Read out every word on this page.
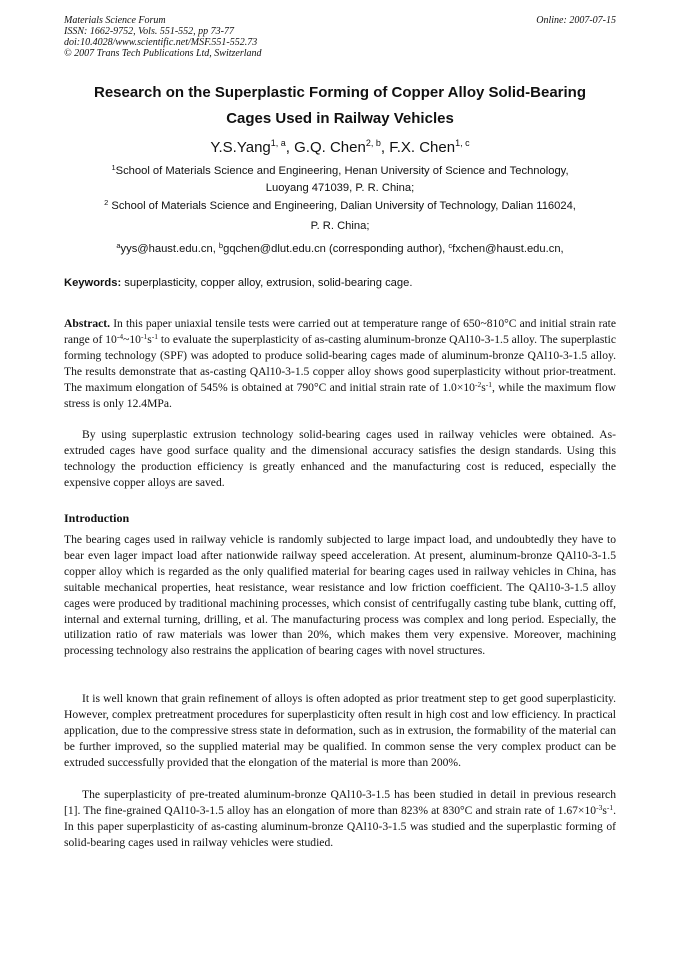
Materials Science Forum
ISSN: 1662-9752, Vols. 551-552, pp 73-77
doi:10.4028/www.scientific.net/MSF.551-552.73
© 2007 Trans Tech Publications Ltd, Switzerland
Online: 2007-07-15
Research on the Superplastic Forming of Copper Alloy Solid-Bearing
Cages Used in Railway Vehicles
Y.S.Yang$^{1, a}$, G.Q. Chen$^{2, b}$, F.X. Chen$^{1, c}$
$^1$School of Materials Science and Engineering, Henan University of Science and Technology,
Luoyang 471039, P. R. China;
$^2$ School of Materials Science and Engineering, Dalian University of Technology, Dalian 116024,
P. R. China;
$^a$yys@haust.edu.cn, $^b$gqchen@dlut.edu.cn (corresponding author), $^c$fxchen@haust.edu.cn,
Keywords: superplasticity, copper alloy, extrusion, solid-bearing cage.
Abstract. In this paper uniaxial tensile tests were carried out at temperature range of 650~810°C and initial strain rate range of $10^{-4}\sim 10^{-1}s^{-1}$ to evaluate the superplasticity of as-casting aluminum-bronze QAl10-3-1.5 alloy. The superplastic forming technology (SPF) was adopted to produce solid-bearing cages made of aluminum-bronze QAl10-3-1.5 alloy. The results demonstrate that as-casting QAl10-3-1.5 copper alloy shows good superplasticity without prior-treatment. The maximum elongation of 545% is obtained at 790°C and initial strain rate of $1.0\times 10^{-2}s^{-1}$, while the maximum flow stress is only 12.4MPa.
By using superplastic extrusion technology solid-bearing cages used in railway vehicles were obtained. As-extruded cages have good surface quality and the dimensional accuracy satisfies the design standards. Using this technology the production efficiency is greatly enhanced and the manufacturing cost is reduced, especially the expensive copper alloys are saved.
Introduction
The bearing cages used in railway vehicle is randomly subjected to large impact load, and undoubtedly they have to bear even lager impact load after nationwide railway speed acceleration. At present, aluminum-bronze QAl10-3-1.5 copper alloy which is regarded as the only qualified material for bearing cages used in railway vehicles in China, has suitable mechanical properties, heat resistance, wear resistance and low friction coefficient. The QAl10-3-1.5 alloy cages were produced by traditional machining processes, which consist of centrifugally casting tube blank, cutting off, internal and external turning, drilling, et al. The manufacturing process was complex and long period. Especially, the utilization ratio of raw materials was lower than 20%, which makes them very expensive. Moreover, machining processing technology also restrains the application of bearing cages with novel structures.
It is well known that grain refinement of alloys is often adopted as prior treatment step to get good superplasticity. However, complex pretreatment procedures for superplasticity often result in high cost and low efficiency. In practical application, due to the compressive stress state in deformation, such as in extrusion, the formability of the material can be further improved, so the supplied material may be qualified. In common sense the very complex product can be extruded successfully provided that the elongation of the material is more than 200%.
The superplasticity of pre-treated aluminum-bronze QAl10-3-1.5 has been studied in detail in previous research [1]. The fine-grained QAl10-3-1.5 alloy has an elongation of more than 823% at 830°C and strain rate of $1.67\times 10^{-3}s^{-1}$. In this paper superplasticity of as-casting aluminum-bronze QAl10-3-1.5 was studied and the superplastic forming of solid-bearing cages used in railway vehicles were studied.
